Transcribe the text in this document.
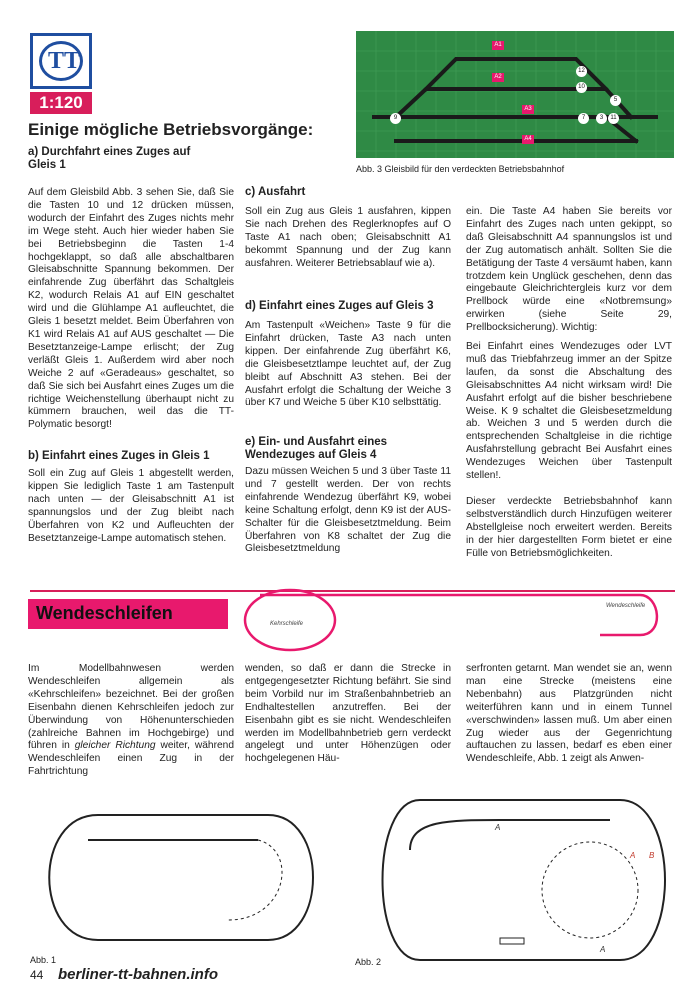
TT
1:120
Einige mögliche Betriebsvorgänge:
A1
A2
A3
A4
12
10
11
9	7
5
3
Abb. 3 Gleisbild für den verdeckten Betriebsbahnhof
a) Durchfahrt eines Zuges auf Gleis 1
Auf dem Gleisbild Abb. 3 sehen Sie, daß Sie die Tasten 10 und 12 drücken müssen, wodurch der Einfahrt des Zuges nichts mehr im Wege steht. Auch hier wieder haben Sie bei Betriebsbeginn die Tasten 1-4 hochgeklappt, so daß alle abschaltbaren Gleisabschnitte Spannung bekommen. Der einfahrende Zug überfährt das Schaltgleis K2, wodurch Relais A1 auf EIN geschaltet wird und die Glühlampe A1 aufleuchtet, die Gleis 1 besetzt meldet. Beim Überfahren von K1 wird Relais A1 auf AUS geschaltet — Die Besetztanzeige-Lampe erlischt; der Zug verläßt Gleis 1. Außerdem wird aber noch Weiche 2 auf «Geradeaus» geschaltet, so daß Sie sich bei Ausfahrt eines Zuges um die richtige Weichenstellung überhaupt nicht zu kümmern brauchen, weil das die TT-Polymatic besorgt!
b) Einfahrt eines Zuges in Gleis 1
Soll ein Zug auf Gleis 1 abgestellt werden, kippen Sie lediglich Taste 1 am Tastenpult nach unten — der Gleisabschnitt A1 ist spannungslos und der Zug bleibt nach Überfahren von K2 und Aufleuchten der Besetztanzeige-Lampe automatisch stehen.
c) Ausfahrt
Soll ein Zug aus Gleis 1 ausfahren, kippen Sie nach Drehen des Reglerknopfes auf O Taste A1 nach oben; Gleisabschnitt A1 bekommt Spannung und der Zug kann ausfahren. Weiterer Betriebsablauf wie a).
d) Einfahrt eines Zuges auf Gleis 3
Am Tastenpult «Weichen» Taste 9 für die Einfahrt drücken, Taste A3 nach unten kippen. Der einfahrende Zug überfährt K6, die Gleisbesetztlampe leuchtet auf, der Zug bleibt auf Abschnitt A3 stehen. Bei der Ausfahrt erfolgt die Schaltung der Weiche 3 über K7 und Weiche 5 über K10 selbsttätig.
e) Ein- und Ausfahrt eines Wendezuges auf Gleis 4
Dazu müssen Weichen 5 und 3 über Taste 11 und 7 gestellt werden. Der von rechts einfahrende Wendezug überfährt K9, wobei keine Schaltung erfolgt, denn K9 ist der AUS-Schalter für die Gleisbesetztmeldung. Beim Überfahren von K8 schaltet der Zug die Gleisbesetztmeldung
ein. Die Taste A4 haben Sie bereits vor Einfahrt des Zuges nach unten gekippt, so daß Gleisabschnitt A4 spannungslos ist und der Zug automatisch anhält. Sollten Sie die Betätigung der Taste 4 versäumt haben, kann trotzdem kein Unglück geschehen, denn das eingebaute Gleichrichtergleis kurz vor dem Prellbock würde eine «Notbremsung» erwirken (siehe Seite 29, Prellbocksicherung). Wichtig:
Bei Einfahrt eines Wendezuges oder LVT muß das Triebfahrzeug immer an der Spitze laufen, da sonst die Abschaltung des Gleisabschnittes A4 nicht wirksam wird! Die Ausfahrt erfolgt auf die bisher beschriebene Weise. K 9 schaltet die Gleisbesetzmeldung ab. Weichen 3 und 5 werden durch die entsprechenden Schaltgleise in die richtige Ausfahrstellung gebracht Bei Ausfahrt eines Wendezuges Weichen über Tastenpult stellen!.
Dieser verdeckte Betriebsbahnhof kann selbstverständlich durch Hinzufügen weiterer Abstellgleise noch erweitert werden. Bereits in der hier dargestellten Form bietet er eine Fülle von Betriebsmöglichkeiten.
Wendeschleifen
Kehrschleife
Wendeschleife
Im Modellbahnwesen werden Wendeschleifen allgemein als «Kehrschleifen» bezeichnet. Bei der großen Eisenbahn dienen Kehrschleifen jedoch zur Überwindung von Höhenunterschieden (zahlreiche Bahnen im Hochgebirge) und führen in gleicher Richtung weiter, während Wendeschleifen einen Zug in der Fahrtrichtung
wenden, so daß er dann die Strecke in entgegengesetzter Richtung befährt. Sie sind beim Vorbild nur im Straßenbahnbetrieb an Endhaltestellen anzutreffen. Bei der Eisenbahn gibt es sie nicht. Wendeschleifen werden im Modellbahnbetrieb gern verdeckt angelegt und unter Höhenzügen oder hochgelegenen Häu-
serfronten getarnt. Man wendet sie an, wenn man eine Strecke (meistens eine Nebenbahn) aus Platzgründen nicht weiterführen kann und in einem Tunnel «verschwinden» lassen muß. Um aber einen Zug wieder aus der Gegenrichtung auftauchen zu lassen, bedarf es eben einer Wendeschleife, Abb. 1 zeigt als Anwen-
Abb. 1	Abb. 2
A
A B
A
44 berliner-tt-bahnen.info
